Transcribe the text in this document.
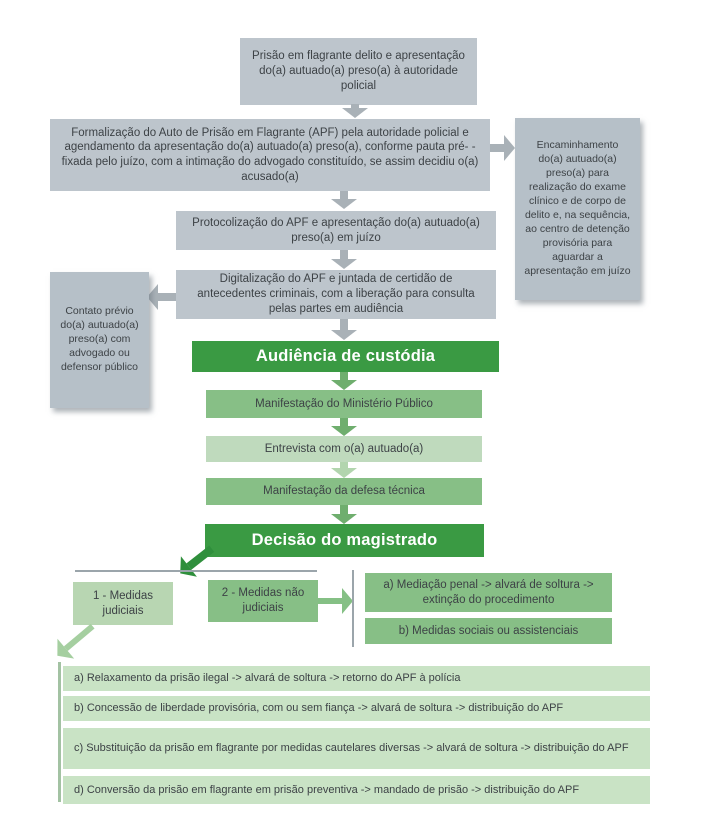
Prisão em flagrante delito e apresentação do(a) autuado(a) preso(a) à autoridade policial
Formalização do Auto de Prisão em Flagrante (APF) pela autoridade policial e agendamento da apresentação do(a) autuado(a) preso(a), conforme pauta pré- -fixada pelo juízo, com a intimação do advogado constituído, se assim decidiu o(a) acusado(a)
Encaminhamento do(a) autuado(a) preso(a) para realização do exame clínico e de corpo de delito e, na sequência, ao centro de detenção provisória para aguardar a apresentação em juízo
Protocolização do APF e apresentação do(a) autuado(a) preso(a) em juízo
Digitalização do APF e juntada de certidão de antecedentes criminais, com a liberação para consulta pelas partes em audiência
Contato prévio do(a) autuado(a) preso(a) com advogado ou defensor público
Audiência de custódia
Manifestação do Ministério Público
Entrevista com o(a) autuado(a)
Manifestação da defesa técnica
Decisão do magistrado
1 - Medidas judiciais
2 - Medidas não judiciais
a) Mediação penal -> alvará de soltura -> extinção do procedimento
b) Medidas sociais ou assistenciais
a) Relaxamento da prisão ilegal -> alvará de soltura -> retorno do APF à polícia
b) Concessão de liberdade provisória, com ou sem fiança -> alvará de soltura -> distribuição do APF
c) Substituição da prisão em flagrante por medidas cautelares diversas -> alvará de soltura -> distribuição do APF
d) Conversão da prisão em flagrante em prisão preventiva -> mandado de prisão -> distribuição do APF
